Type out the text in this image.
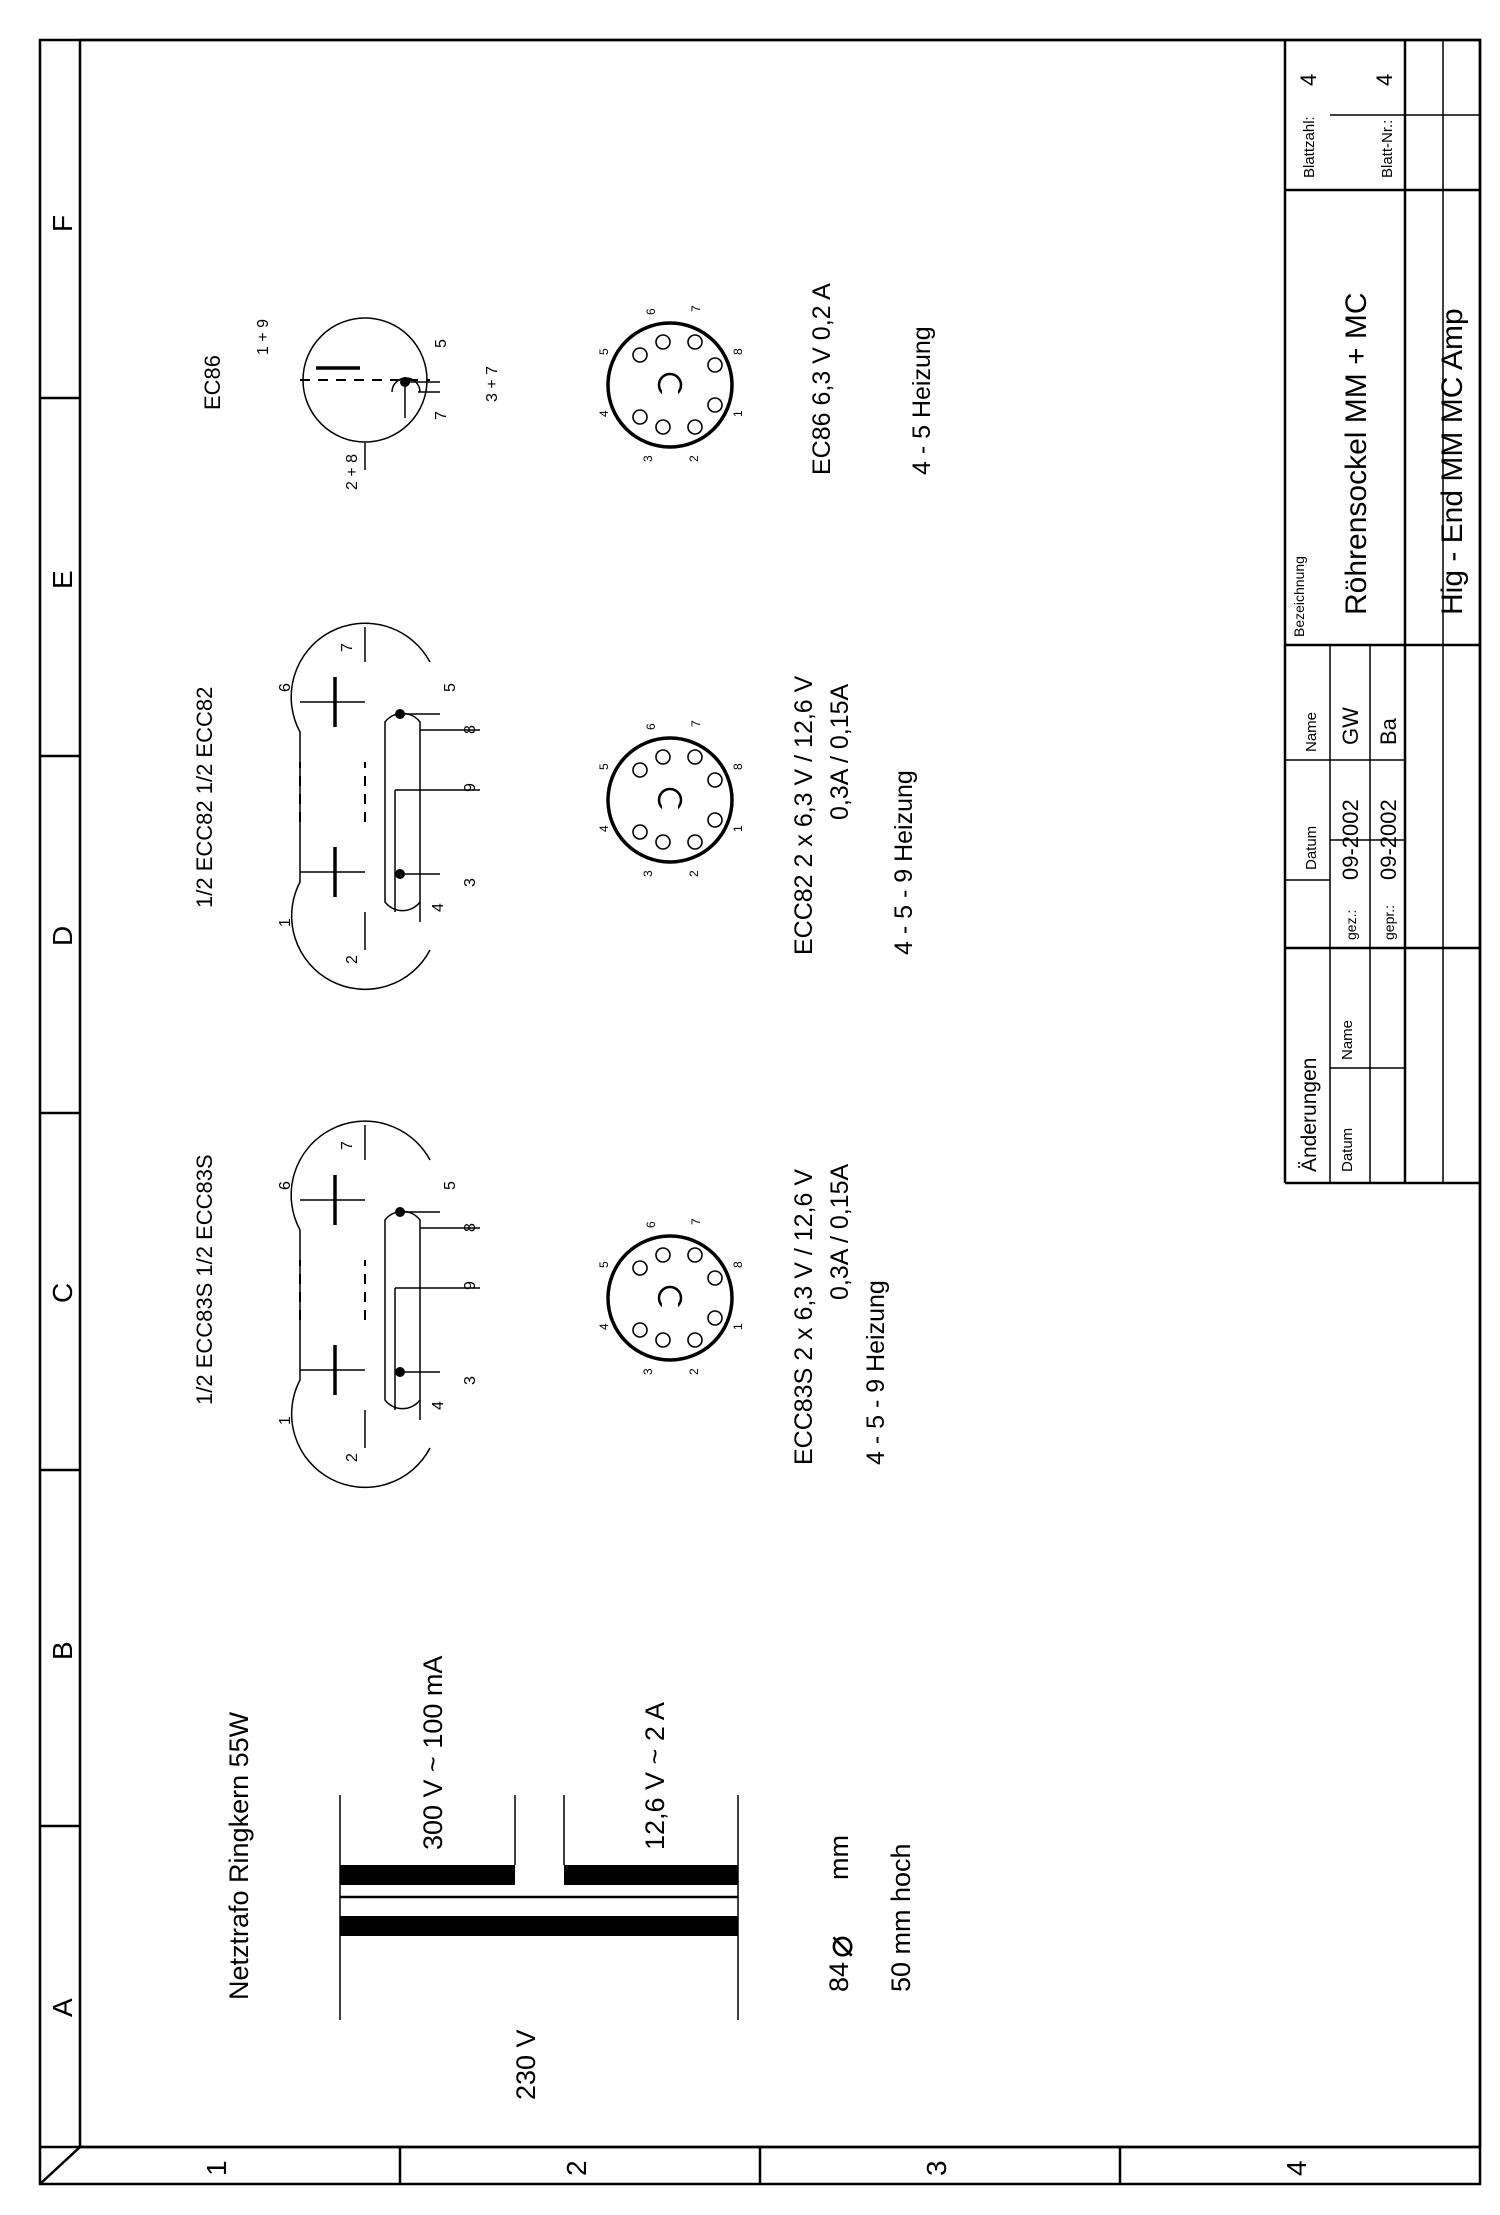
A
B
C
D
E
F
1	2	3	4
Änderungen Datum
Name
Datum
Name
gez.:
09-2002
GW
gepr.:
09-2002
Ba
Bezeichnung Röhrensockel MM + MC Hig - End MM MC Amp
Blattzahl:
4
Blatt-Nr.:
4
Netztrafo Ringkern 55W
230 V
300 V ~ 100 mA	12,6 V ~ 2 A
84
⌀
mm 50 mm hoch
1/2 ECC83S 1/2 ECC83S
1
2
3
4
5
6
7
8
9
2
3
4
5
6	7
8
1 ECC83S 2 x 6,3 V / 12,6 V 0,3A / 0,15A
4 - 5 - 9 Heizung
1/2 ECC82 1/2 ECC82
1
2
3
4
5
6
7
8
9
2
3
4
5
6	7
8
1 ECC82 2 x 6,3 V / 12,6 V 0,3A / 0,15A
4 - 5 - 9 Heizung
EC86
1 + 9
2 + 8
3 + 7
5
7
2
3
4
5
6	7
8
1	EC86 6,3 V 0,2 A	4 - 5 Heizung
